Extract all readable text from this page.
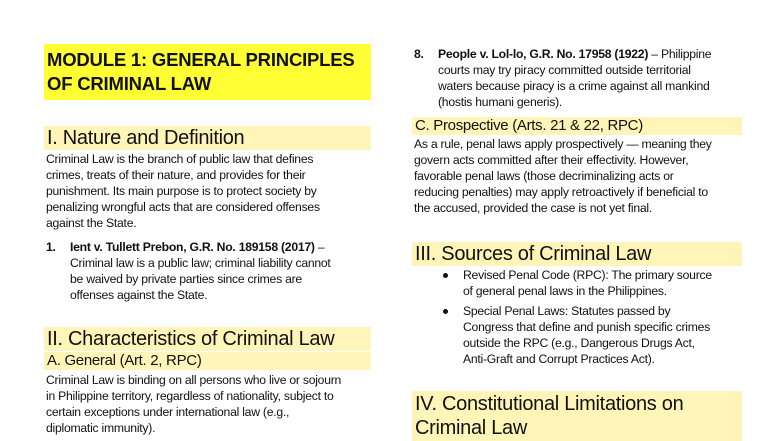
MODULE 1: GENERAL PRINCIPLES OF CRIMINAL LAW
I. Nature and Definition
Criminal Law is the branch of public law that defines
crimes, treats of their nature, and provides for their
punishment. Its main purpose is to protect society by
penalizing wrongful acts that are considered offenses
against the State.
1. Ient v. Tullett Prebon, G.R. No. 189158 (2017) –
Criminal law is a public law; criminal liability cannot
be waived by private parties since crimes are
offenses against the State.
II. Characteristics of Criminal Law
A. General (Art. 2, RPC)
Criminal Law is binding on all persons who live or sojourn
in Philippine territory, regardless of nationality, subject to
certain exceptions under international law (e.g.,
diplomatic immunity).
8. People v. Lol-lo, G.R. No. 17958 (1922) – Philippine
courts may try piracy committed outside territorial
waters because piracy is a crime against all mankind
(hostis humani generis).
C. Prospective (Arts. 21 & 22, RPC)
As a rule, penal laws apply prospectively — meaning they
govern acts committed after their effectivity. However,
favorable penal laws (those decriminalizing acts or
reducing penalties) may apply retroactively if beneficial to
the accused, provided the case is not yet final.
III. Sources of Criminal Law
Revised Penal Code (RPC): The primary source
of general penal laws in the Philippines.
Special Penal Laws: Statutes passed by
Congress that define and punish specific crimes
outside the RPC (e.g., Dangerous Drugs Act,
Anti-Graft and Corrupt Practices Act).
IV. Constitutional Limitations on
Criminal Law
